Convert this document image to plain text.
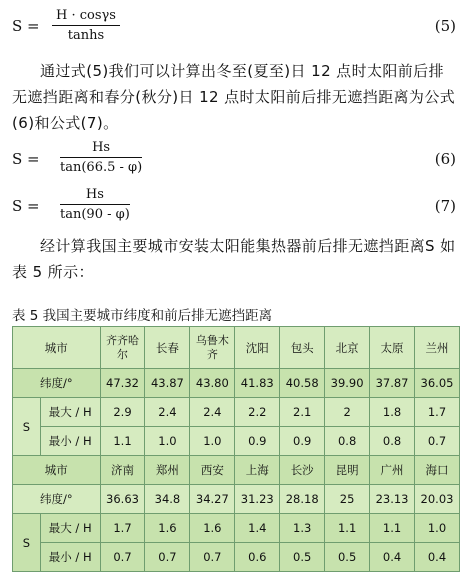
$S = \frac{H \cdot \cos\gamma s}{\tanh s}$	(5)
通过式(5)我们可以计算出冬至(夏至)日 12 点时太阳前后排无遮挡距离和春分(秋分)日 12 点时太阳前后排无遮挡距离为公式(6)和公式(7)。
$S = \frac{Hs}{\tan(66.5 - \varphi)}$	(6)
$S = \frac{Hs}{\tan(90 - \varphi)}$	(7)
经计算我国主要城市安装太阳能集热器前后排无遮挡距离S 如表 5 所示：
表 5 我国主要城市纬度和前后排无遮挡距离
城市		齐齐哈尔	长春	乌鲁木齐	沈阳	包头	北京	太原	兰州
纬度/°		47.32	43.87	43.80	41.83	40.58	39.90	37.87	36.05
S	最大 / H	2.9	2.4	2.4	2.2	2.1	2	1.8	1.7
	最小 / H	1.1	1.0	1.0	0.9	0.9	0.8	0.8	0.7
城市		济南	郑州	西安	上海	长沙	昆明	广州	海口
纬度/°		36.63	34.8	34.27	31.23	28.18	25	23.13	20.03
S	最大 / H	1.7	1.6	1.6	1.4	1.3	1.1	1.1	1.0
	最小 / H	0.7	0.7	0.7	0.6	0.5	0.5	0.4	0.4
